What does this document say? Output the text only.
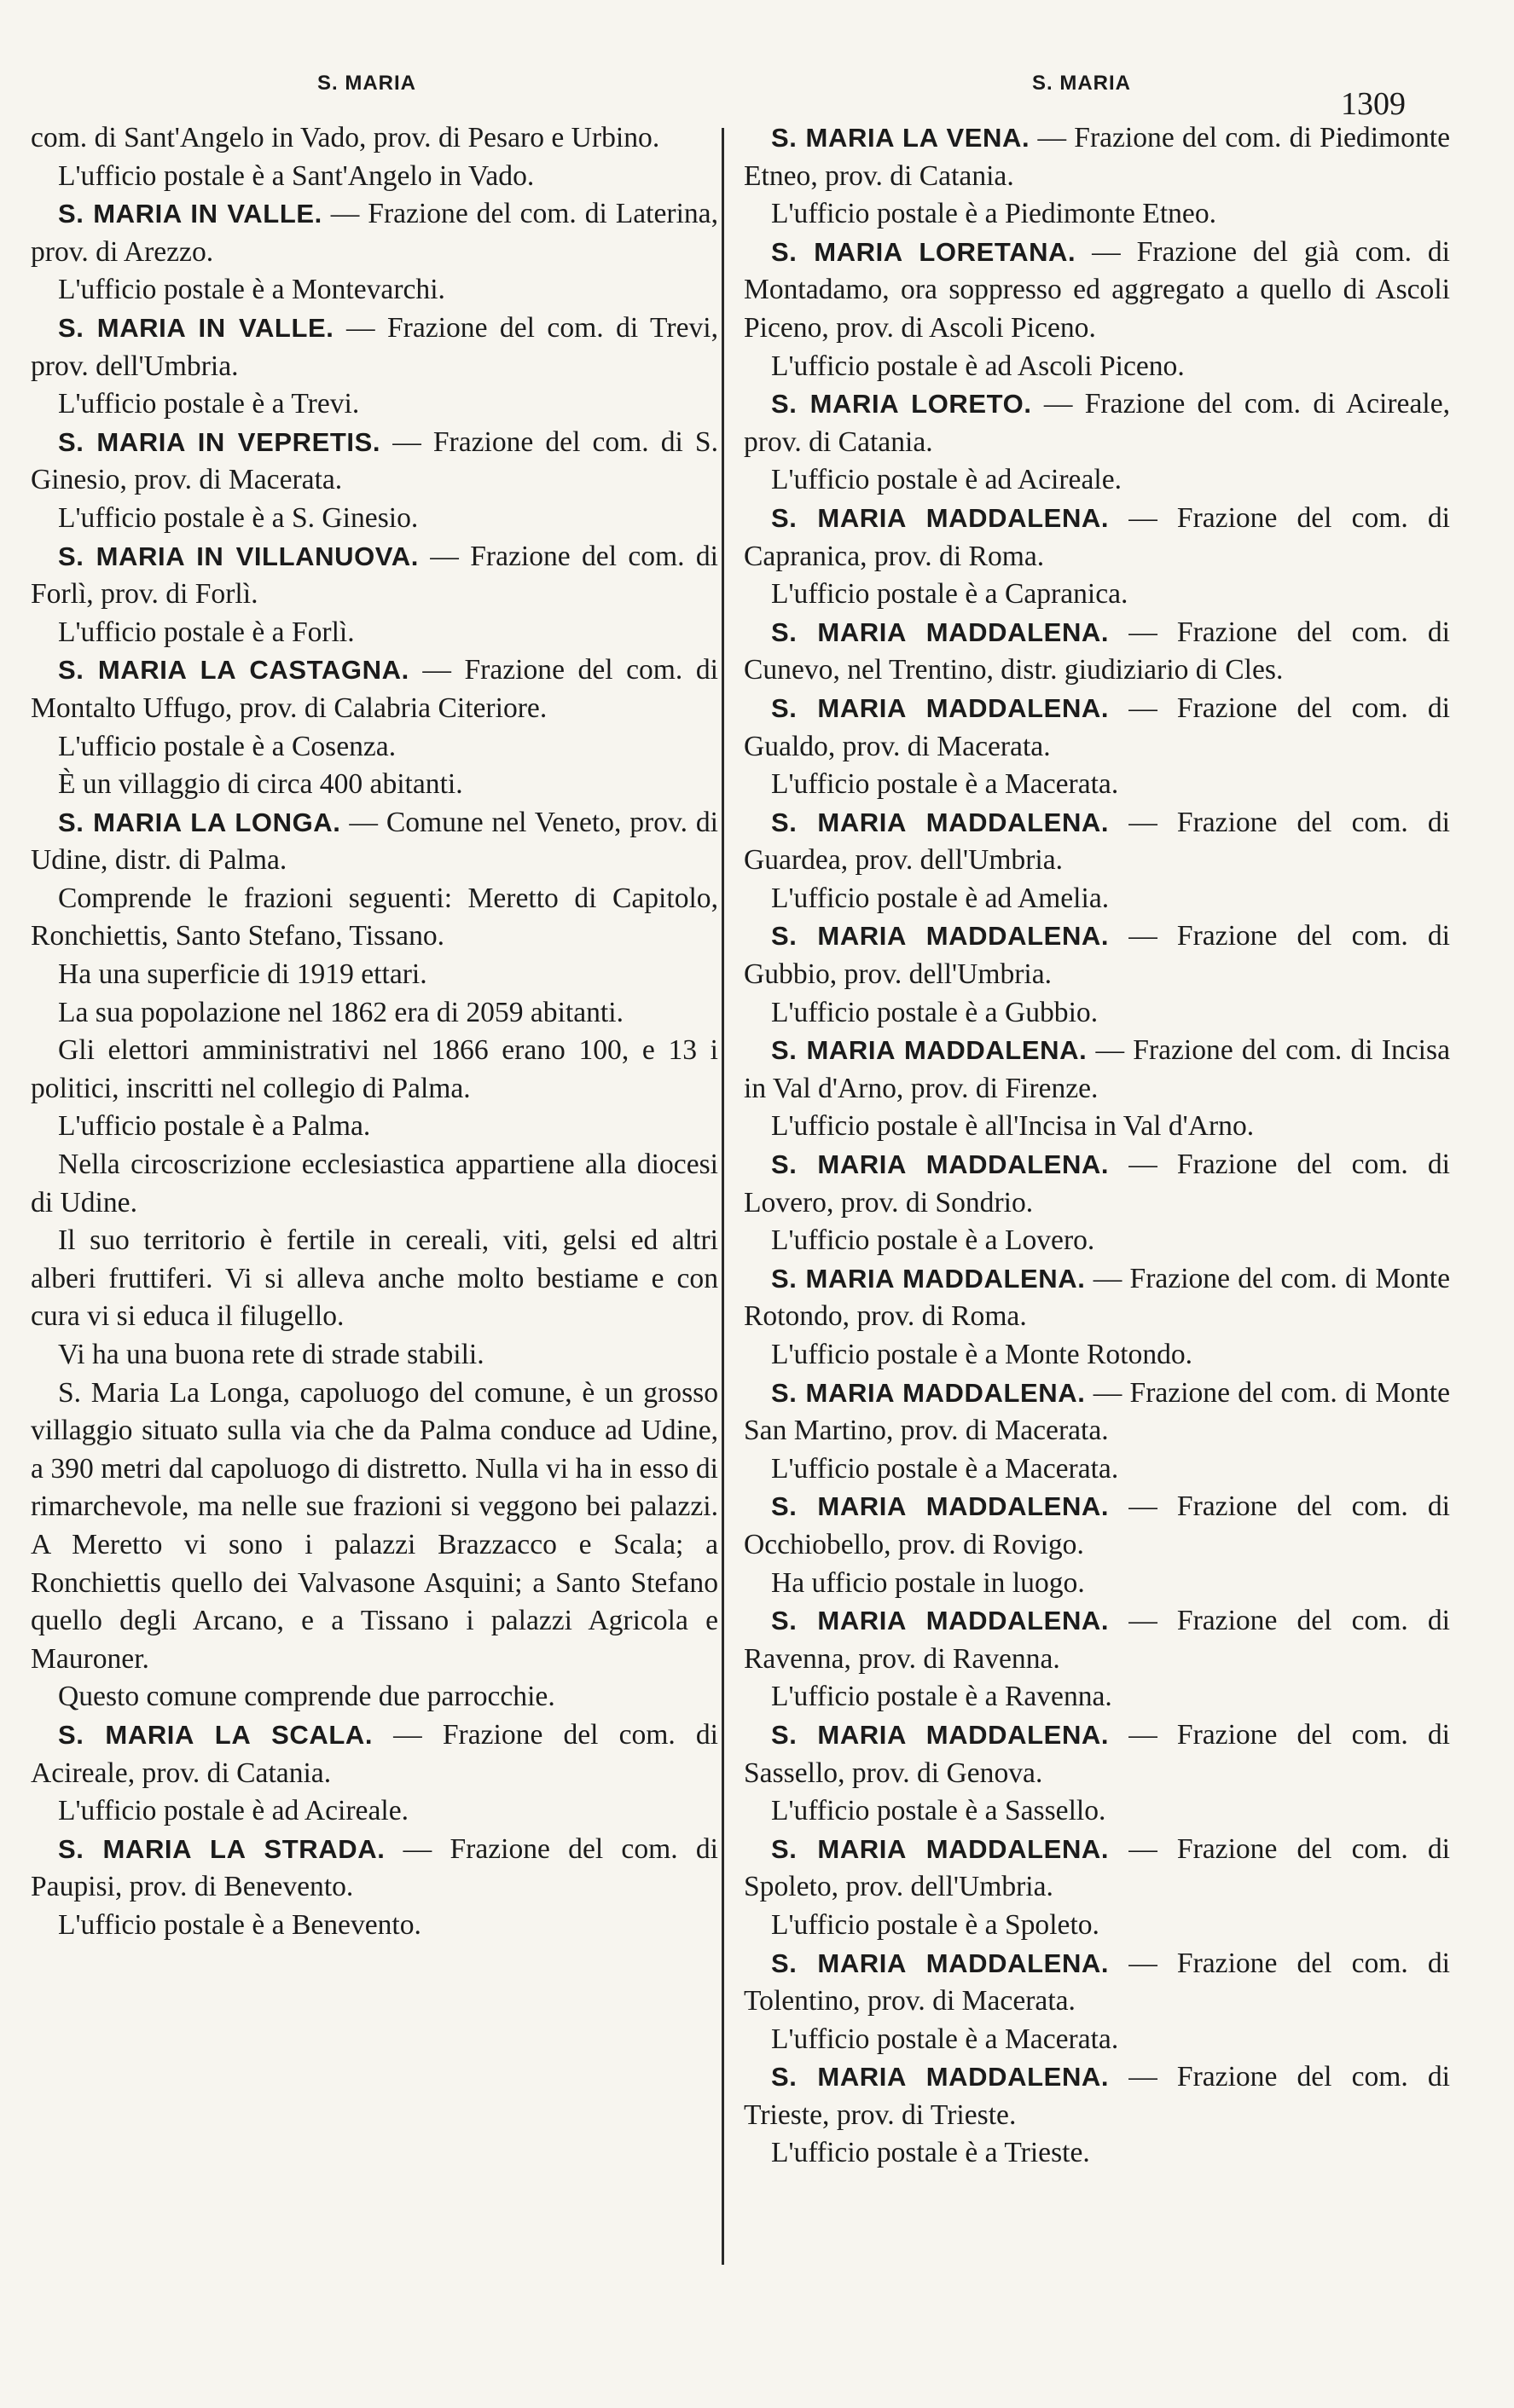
S. MARIA	S. MARIA
1309

com. di Sant'Angelo in Vado, prov. di Pesaro e Urbino.

L'ufficio postale è a Sant'Angelo in Vado.

S. MARIA IN VALLE. — Frazione del com. di Laterina, prov. di Arezzo.

L'ufficio postale è a Montevarchi.

S. MARIA IN VALLE. — Frazione del com. di Trevi, prov. dell'Umbria.

L'ufficio postale è a Trevi.

S. MARIA IN VEPRETIS. — Frazione del com. di S. Ginesio, prov. di Macerata.

L'ufficio postale è a S. Ginesio.

S. MARIA IN VILLANUOVA. — Frazione del com. di Forlì, prov. di Forlì.

L'ufficio postale è a Forlì.

S. MARIA LA CASTAGNA. — Frazione del com. di Montalto Uffugo, prov. di Calabria Citeriore.

L'ufficio postale è a Cosenza.

È un villaggio di circa 400 abitanti.

S. MARIA LA LONGA. — Comune nel Veneto, prov. di Udine, distr. di Palma.

Comprende le frazioni seguenti: Meretto di Capitolo, Ronchiettis, Santo Stefano, Tissano.

Ha una superficie di 1919 ettari.

La sua popolazione nel 1862 era di 2059 abitanti.

Gli elettori amministrativi nel 1866 erano 100, e 13 i politici, inscritti nel collegio di Palma.

L'ufficio postale è a Palma.

Nella circoscrizione ecclesiastica appartiene alla diocesi di Udine.

Il suo territorio è fertile in cereali, viti, gelsi ed altri alberi fruttiferi. Vi si alleva anche molto bestiame e con cura vi si educa il filugello.

Vi ha una buona rete di strade stabili.

S. Maria La Longa, capoluogo del comune, è un grosso villaggio situato sulla via che da Palma conduce ad Udine, a 390 metri dal capoluogo di distretto. Nulla vi ha in esso di rimarchevole, ma nelle sue frazioni si veggono bei palazzi. A Meretto vi sono i palazzi Brazzacco e Scala; a Ronchiettis quello dei Valvasone Asquini; a Santo Stefano quello degli Arcano, e a Tissano i palazzi Agricola e Mauroner.

Questo comune comprende due parrocchie.

S. MARIA LA SCALA. — Frazione del com. di Acireale, prov. di Catania.

L'ufficio postale è ad Acireale.

S. MARIA LA STRADA. — Frazione del com. di Paupisi, prov. di Benevento.

L'ufficio postale è a Benevento.

S. MARIA LA VENA. — Frazione del com. di Piedimonte Etneo, prov. di Catania.

L'ufficio postale è a Piedimonte Etneo.

S. MARIA LORETANA. — Frazione del già com. di Montadamo, ora soppresso ed aggregato a quello di Ascoli Piceno, prov. di Ascoli Piceno.

L'ufficio postale è ad Ascoli Piceno.

S. MARIA LORETO. — Frazione del com. di Acireale, prov. di Catania.

L'ufficio postale è ad Acireale.

S. MARIA MADDALENA. — Frazione del com. di Capranica, prov. di Roma.

L'ufficio postale è a Capranica.

S. MARIA MADDALENA. — Frazione del com. di Cunevo, nel Trentino, distr. giudiziario di Cles.

S. MARIA MADDALENA. — Frazione del com. di Gualdo, prov. di Macerata.

L'ufficio postale è a Macerata.

S. MARIA MADDALENA. — Frazione del com. di Guardea, prov. dell'Umbria.

L'ufficio postale è ad Amelia.

S. MARIA MADDALENA. — Frazione del com. di Gubbio, prov. dell'Umbria.

L'ufficio postale è a Gubbio.

S. MARIA MADDALENA. — Frazione del com. di Incisa in Val d'Arno, prov. di Firenze.

L'ufficio postale è all'Incisa in Val d'Arno.

S. MARIA MADDALENA. — Frazione del com. di Lovero, prov. di Sondrio.

L'ufficio postale è a Lovero.

S. MARIA MADDALENA. — Frazione del com. di Monte Rotondo, prov. di Roma.

L'ufficio postale è a Monte Rotondo.

S. MARIA MADDALENA. — Frazione del com. di Monte San Martino, prov. di Macerata.

L'ufficio postale è a Macerata.

S. MARIA MADDALENA. — Frazione del com. di Occhiobello, prov. di Rovigo.

Ha ufficio postale in luogo.

S. MARIA MADDALENA. — Frazione del com. di Ravenna, prov. di Ravenna.

L'ufficio postale è a Ravenna.

S. MARIA MADDALENA. — Frazione del com. di Sassello, prov. di Genova.

L'ufficio postale è a Sassello.

S. MARIA MADDALENA. — Frazione del com. di Spoleto, prov. dell'Umbria.

L'ufficio postale è a Spoleto.

S. MARIA MADDALENA. — Frazione del com. di Tolentino, prov. di Macerata.

L'ufficio postale è a Macerata.

S. MARIA MADDALENA. — Frazione del com. di Trieste, prov. di Trieste.

L'ufficio postale è a Trieste.
